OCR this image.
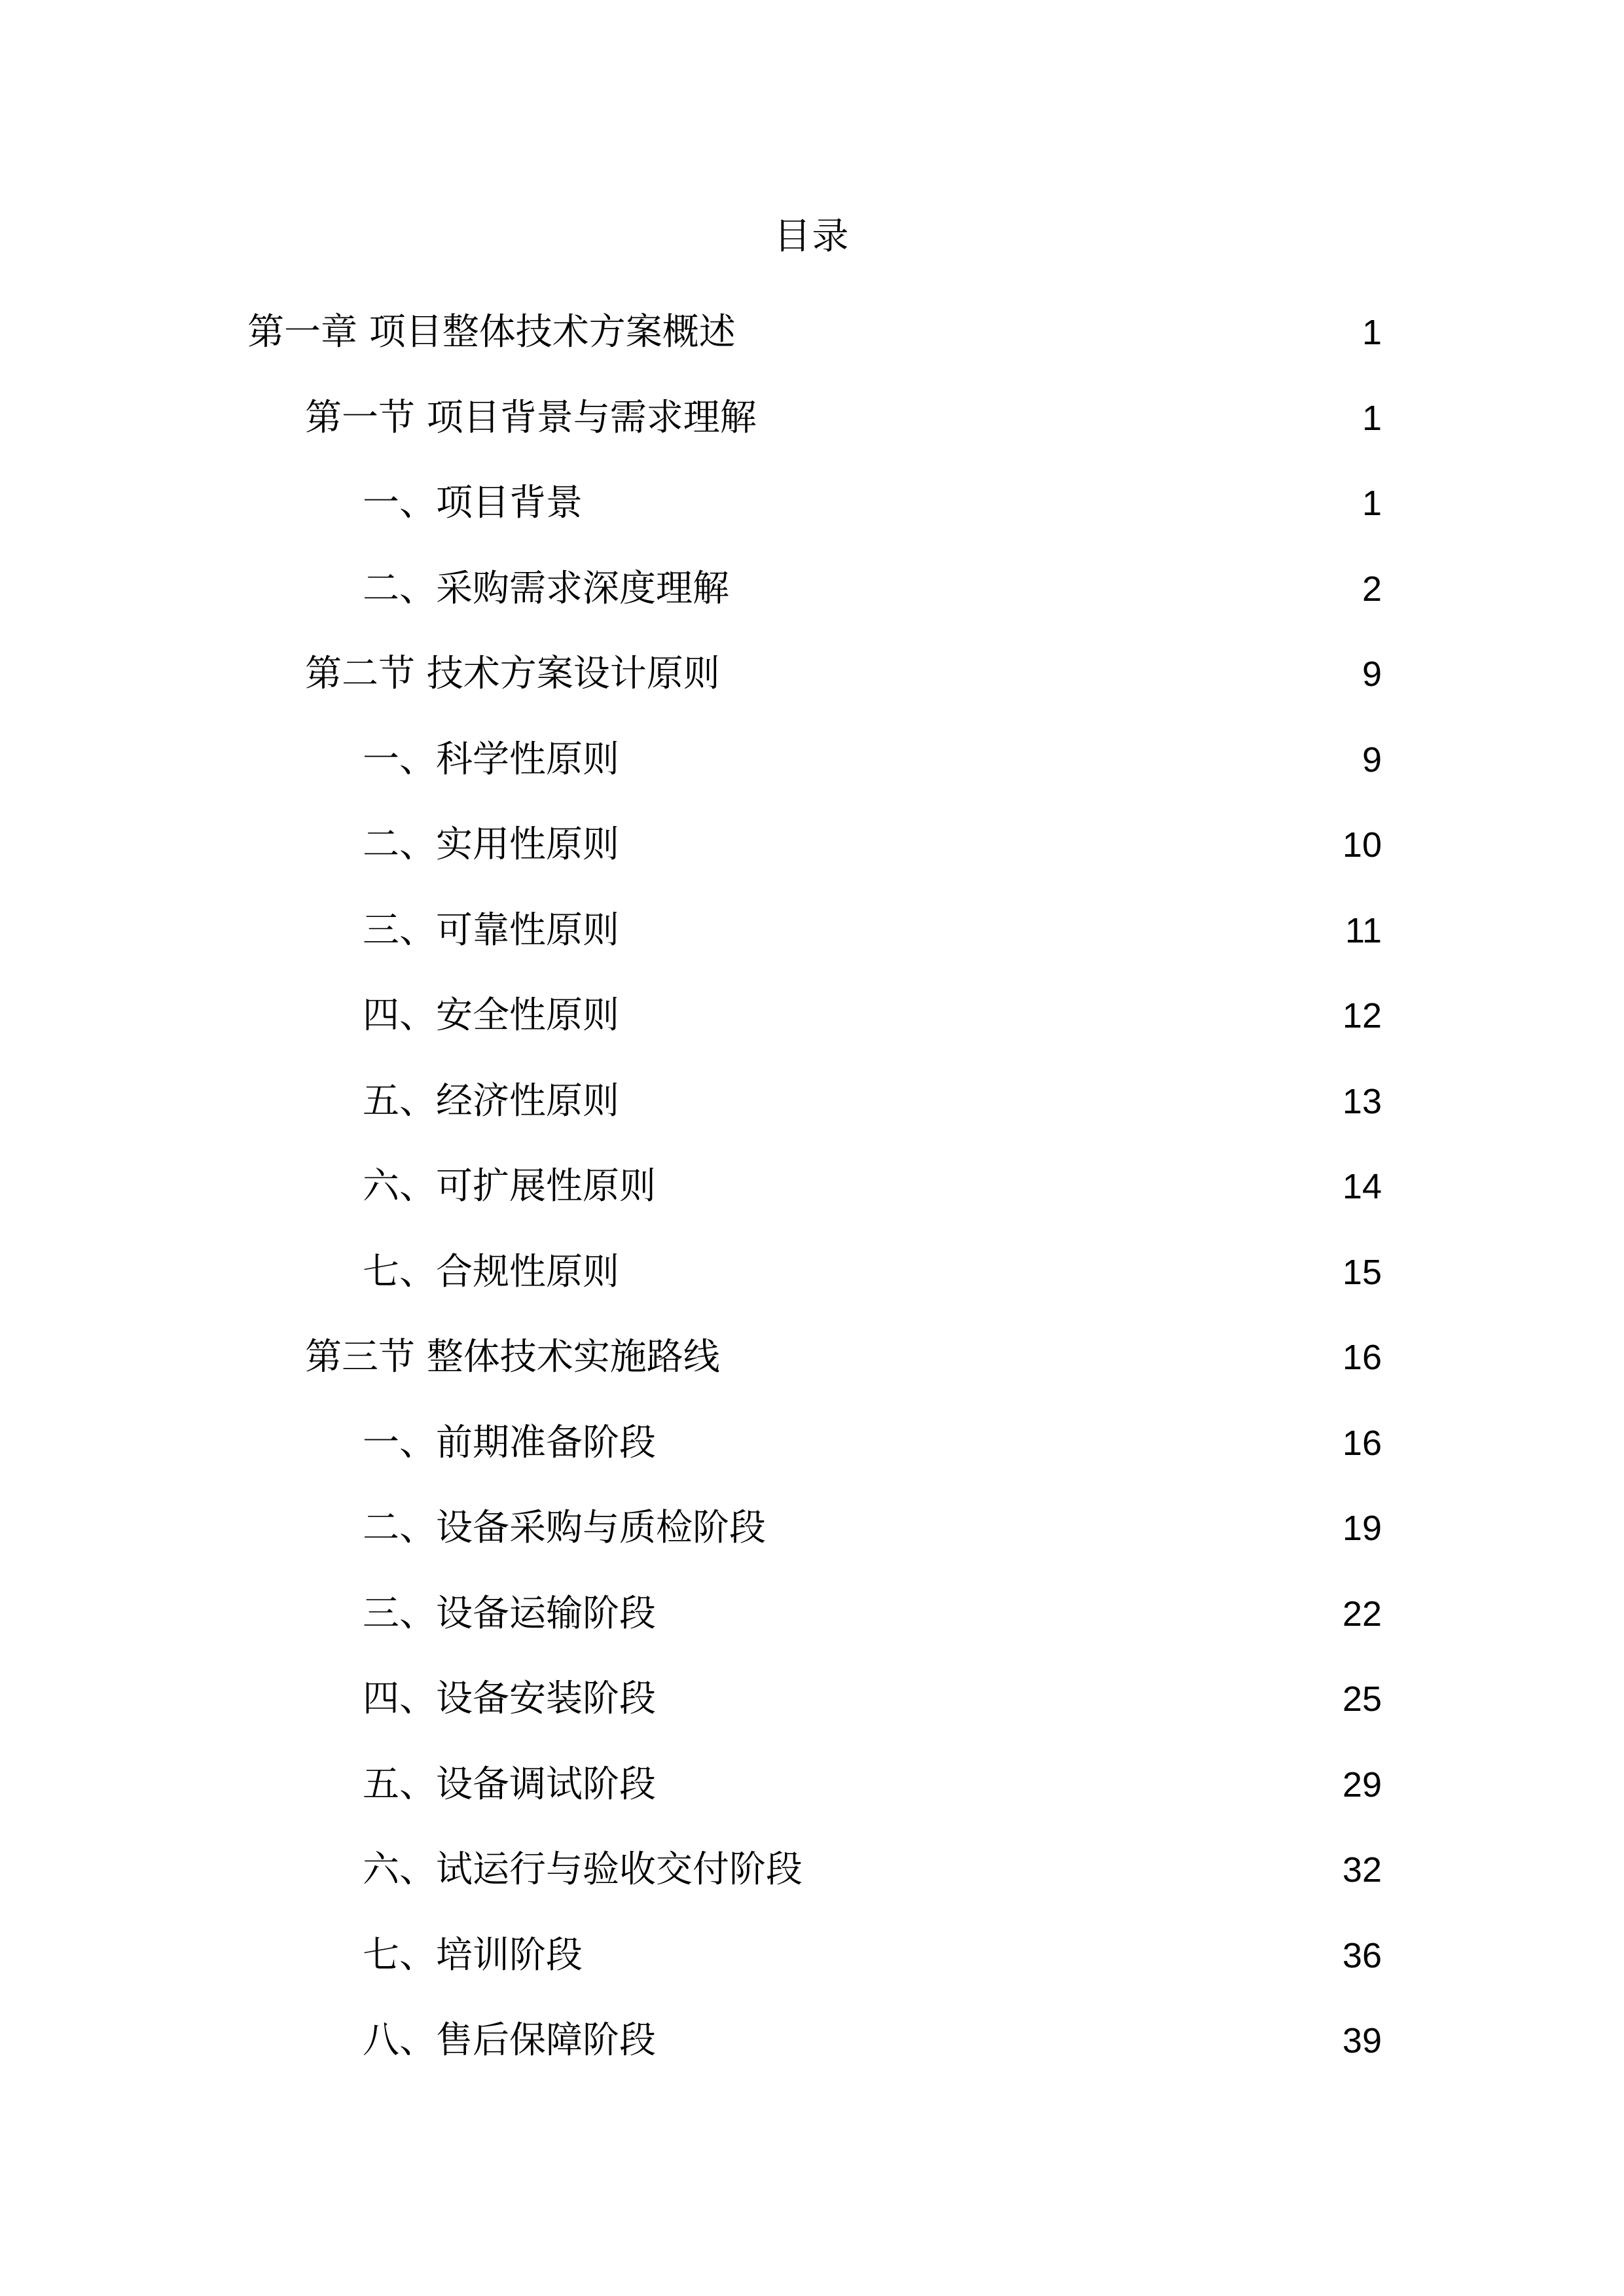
目录
第一章 项目整体技术方案概述	1
第一节 项目背景与需求理解	1
一、项目背景	1
二、采购需求深度理解	2
第二节 技术方案设计原则	9
一、科学性原则	9
二、实用性原则	10
三、可靠性原则	11
四、安全性原则	12
五、经济性原则	13
六、可扩展性原则	14
七、合规性原则	15
第三节 整体技术实施路线	16
一、前期准备阶段	16
二、设备采购与质检阶段	19
三、设备运输阶段	22
四、设备安装阶段	25
五、设备调试阶段	29
六、试运行与验收交付阶段	32
七、培训阶段	36
八、售后保障阶段	39
